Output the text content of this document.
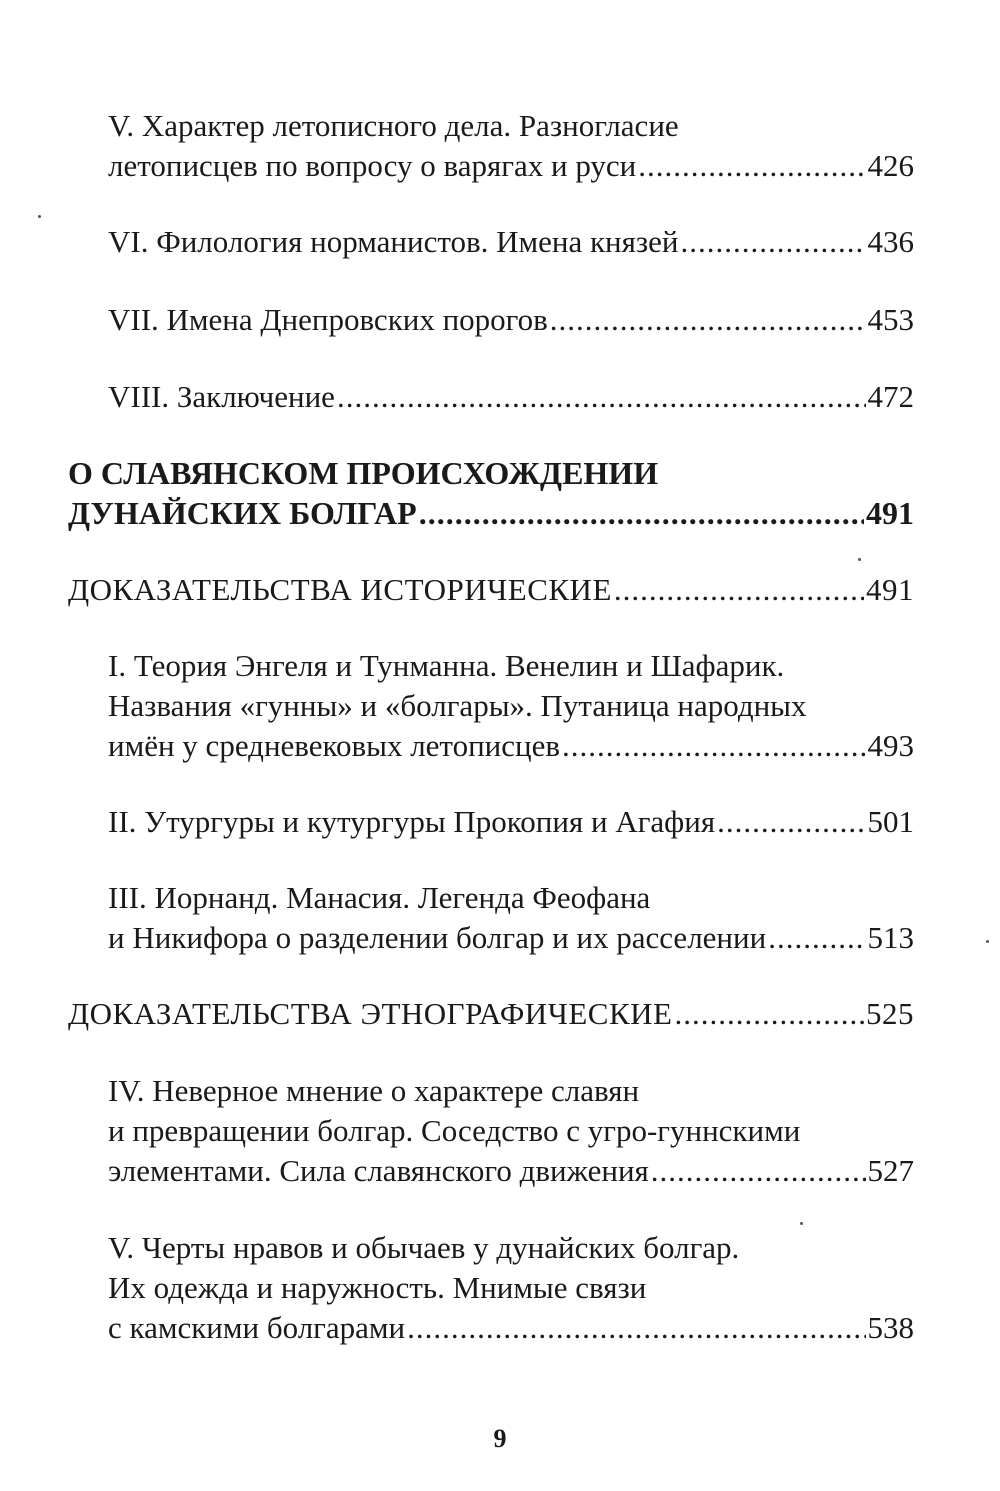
V. Характер летописного дела. Разногласие
летописцев по вопросу о варягах и руси .....	426
VI. Филология норманистов. Имена князей .....	436
VII. Имена Днепровских порогов .....	453
VIII. Заключение .....	472
О СЛАВЯНСКОМ ПРОИСХОЖДЕНИИ
ДУНАЙСКИХ БОЛГАР .....	491
ДОКАЗАТЕЛЬСТВА ИСТОРИЧЕСКИЕ .....	491
I. Теория Энгеля и Тунманна. Венелин и Шафарик.
Названия «гунны» и «болгары». Путаница народных
имён у средневековых летописцев .....	493
II. Утургуры и кутургуры Прокопия и Агафия .....	501
III. Иорнанд. Манасия. Легенда Феофана
и Никифора о разделении болгар и их расселении .....	513
ДОКАЗАТЕЛЬСТВА ЭТНОГРАФИЧЕСКИЕ .....	525
IV. Неверное мнение о характере славян
и превращении болгар. Соседство с угро-гуннскими
элементами. Сила славянского движения .....	527
V. Черты нравов и обычаев у дунайских болгар.
Их одежда и наружность. Мнимые связи
с камскими болгарами .....	538
9
